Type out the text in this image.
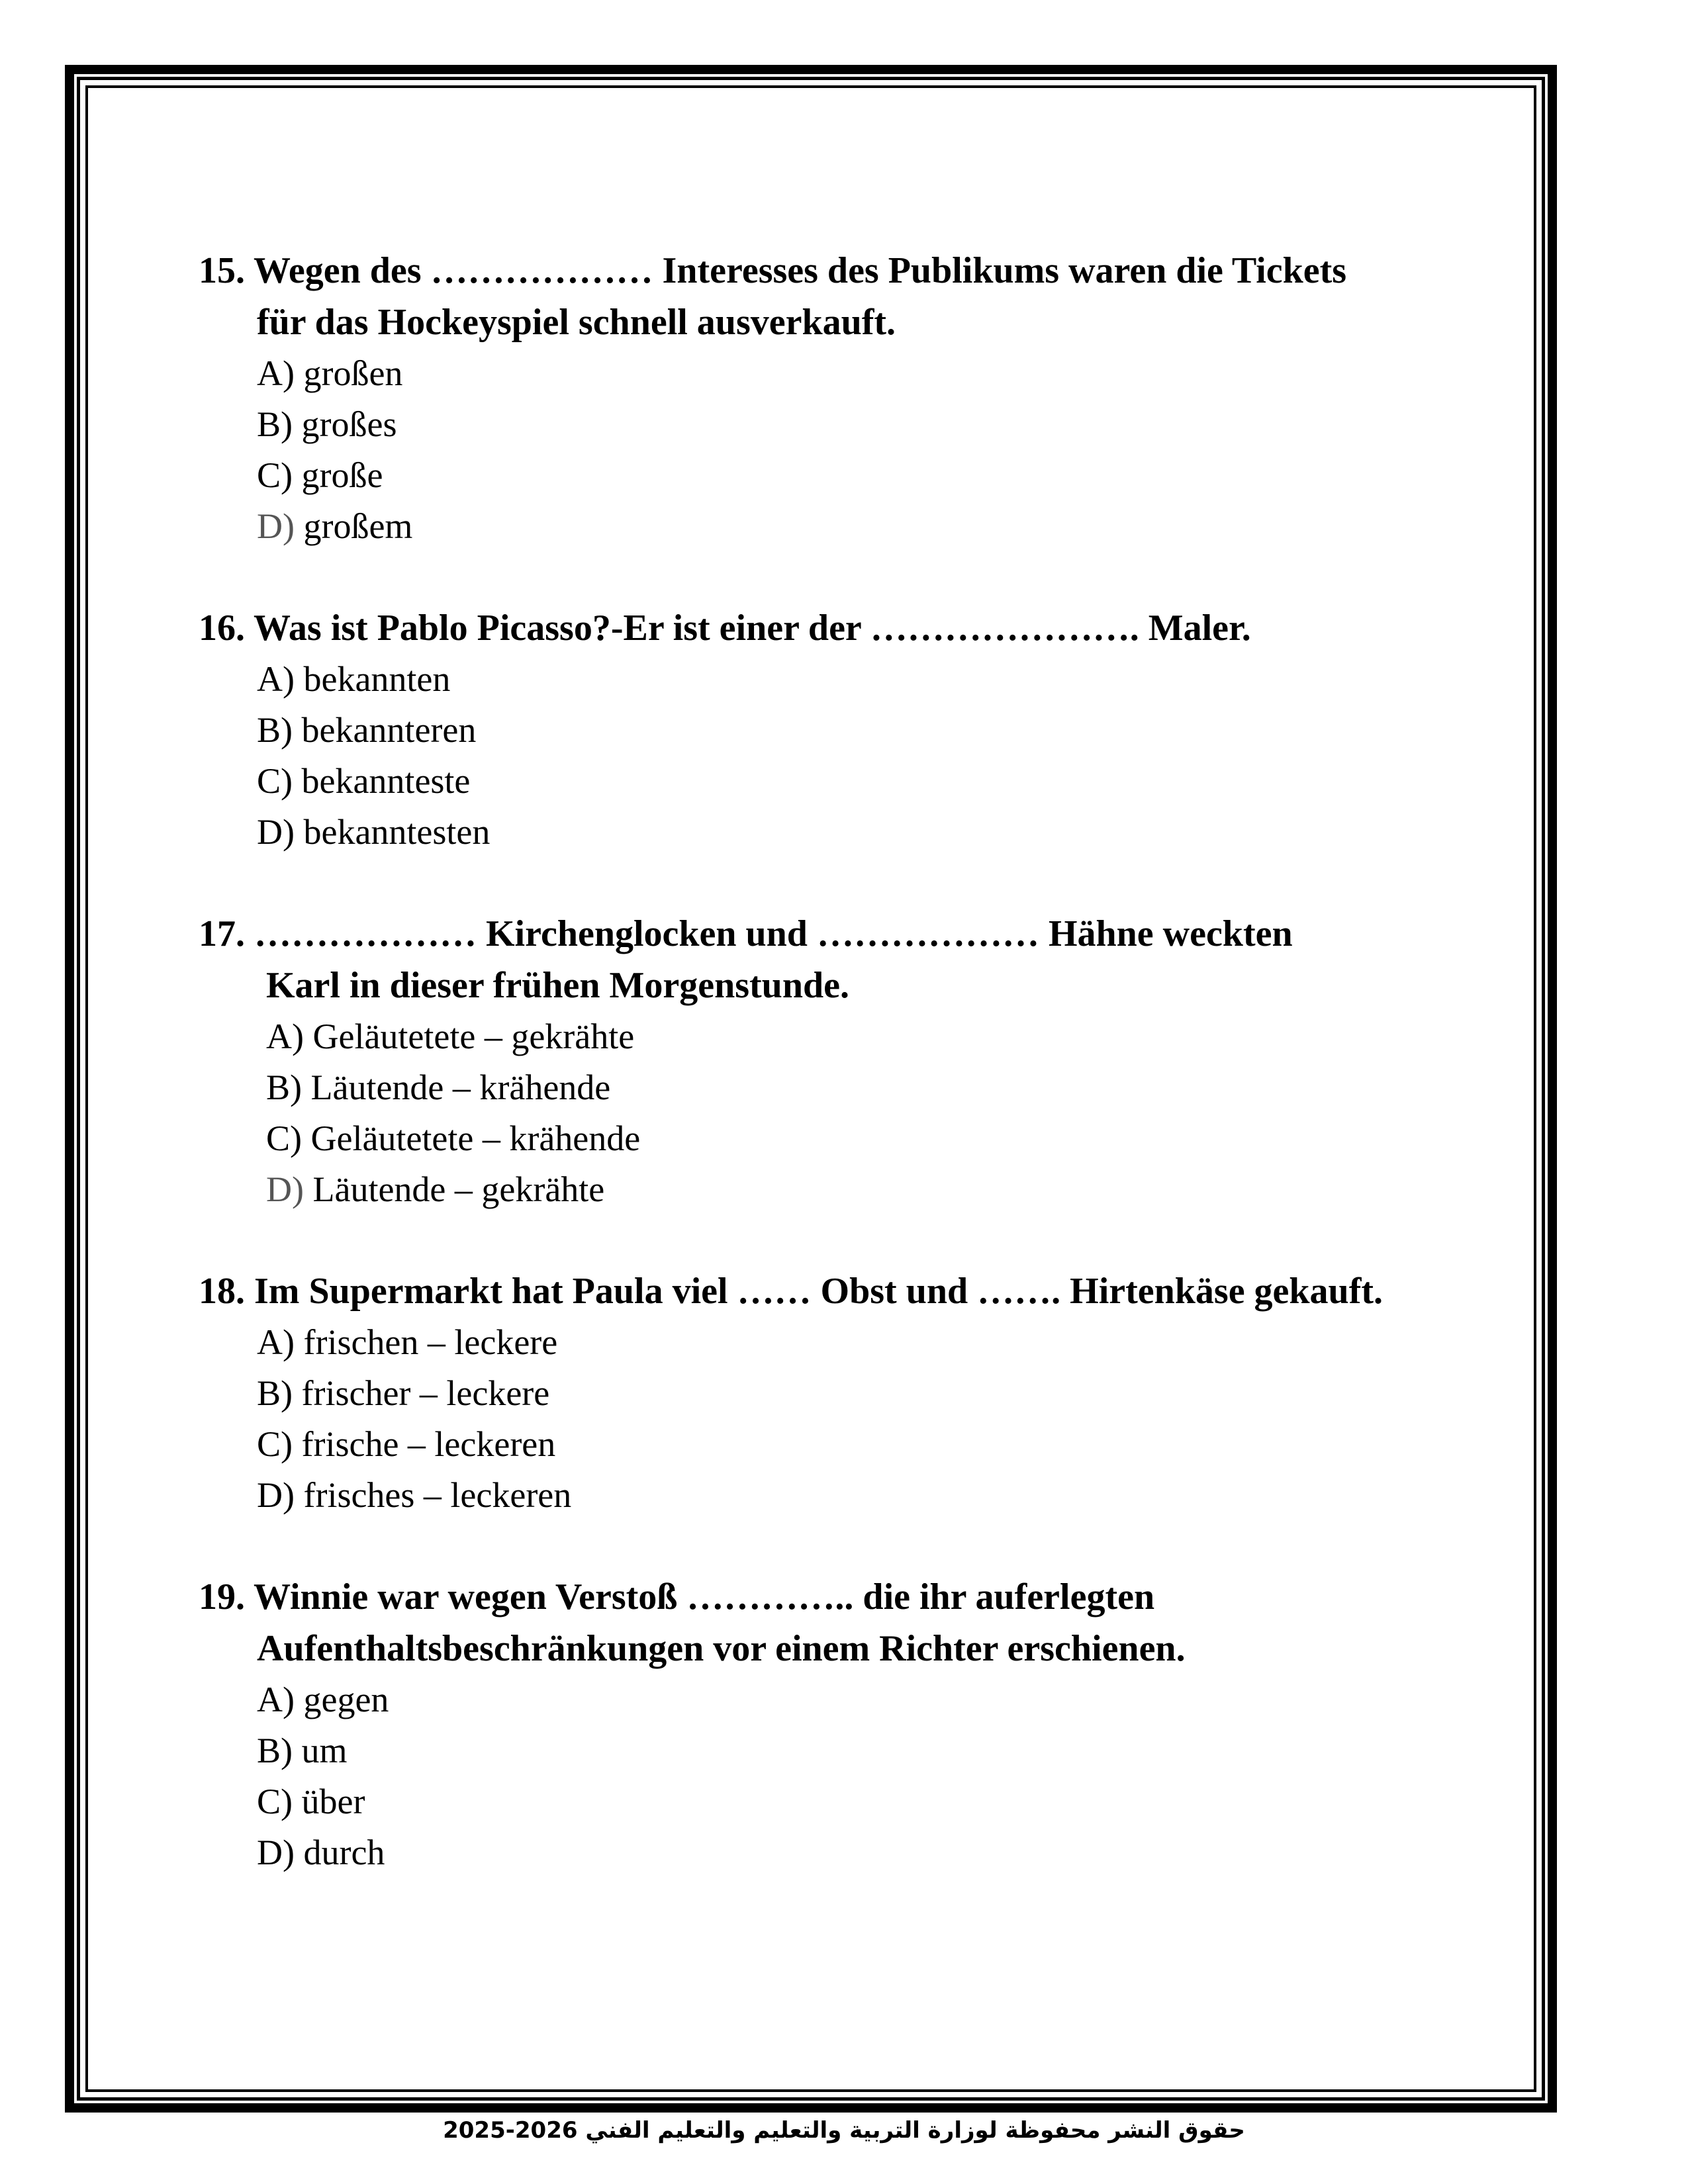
15. Wegen des ……………… Interesses des Publikums waren die Tickets
für das Hockeyspiel schnell ausverkauft.
A) großen
B) großes
C) große
D) großem
16. Was ist Pablo Picasso?-Er ist einer der …………………. Maler.
A) bekannten
B) bekannteren
C) bekannteste
D) bekanntesten
17. ……………… Kirchenglocken und ……………… Hähne weckten
Karl in dieser frühen Morgenstunde.
A) Geläutetete – gekrähte
B) Läutende – krähende
C) Geläutetete – krähende
D) Läutende – gekrähte
18. Im Supermarkt hat Paula viel …… Obst und ……. Hirtenkäse gekauft.
A) frischen – leckere
B) frischer – leckere
C) frische – leckeren
D) frisches – leckeren
19. Winnie war wegen Verstoß ………….. die ihr auferlegten
Aufenthaltsbeschränkungen vor einem Richter erschienen.
A) gegen
B) um
C) über
D) durch
حقوق النشر محفوظة لوزارة التربية والتعليم والتعليم الفني 2026-2025
